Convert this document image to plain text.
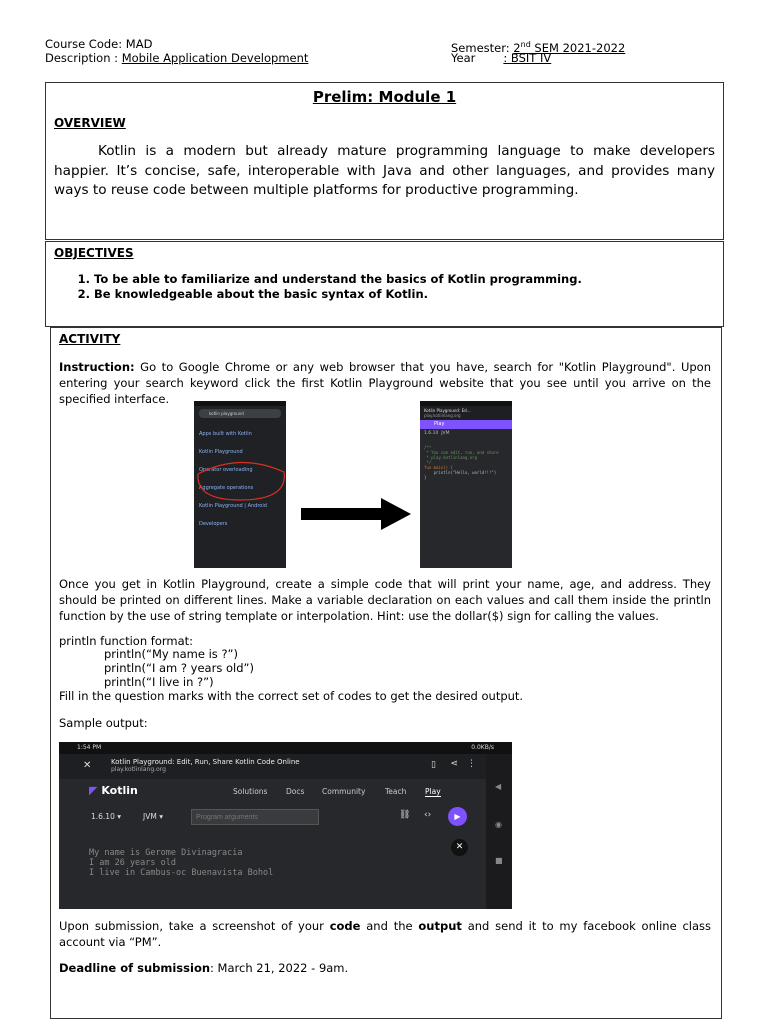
Course Code: MAD
Description : Mobile Application Development
Semester: 2nd SEM 2021-2022
Year : BSIT IV
Prelim: Module 1
OVERVIEW
Kotlin is a modern but already mature programming language to make developers happier. It’s concise, safe, interoperable with Java and other languages, and provides many ways to reuse code between multiple platforms for productive programming.
OBJECTIVES
1. To be able to familiarize and understand the basics of Kotlin programming.
2. Be knowledgeable about the basic syntax of Kotlin.
ACTIVITY
Instruction: Go to Google Chrome or any web browser that you have, search for "Kotlin Playground". Upon entering your search keyword click the first Kotlin Playground website that you see until you arrive on the specified interface.
kotlin playground
Apps built with Kotlin
Kotlin Playground
Operator overloading
Aggregate operations
Kotlin Playground | Android Developers
Kotlin Playground: Ed...
play.kotlinlang.org
Play
1.6.10 JVM

/**
* You can edit, run, and share
* play.kotlinlang.org
*/
fun main() {
println("Hello, world!!!")
}

Once you get in Kotlin Playground, create a simple code that will print your name, age, and address. They should be printed on different lines. Make a variable declaration on each values and call them inside the println function by the use of string template or interpolation. Hint: use the dollar($) sign for calling the values.
println function format:
println(“My name is ?”)
println(“I am ? years old”)
println(“I live in ?”)
Fill in the question marks with the correct set of codes to get the desired output.
Sample output:
1:54 PM	0.0KB/s
✕	Kotlin Playground: Edit, Run, Share Kotlin Code Online
play.kotlinlang.org	▯ ⋖ ⋮
◀
◉
■
◤ Kotlin	Solutions Docs Community	Teach Play
1.6.10 ▾	JVM ▾
Program arguments	⛓ ‹›	▶

My name is Gerome Divinagracia
I am 26 years old
I live in Cambus-oc Buenavista Bohol

✕
Upon submission, take a screenshot of your code and the output and send it to my facebook online class account via “PM”.
Deadline of submission: March 21, 2022 - 9am.
